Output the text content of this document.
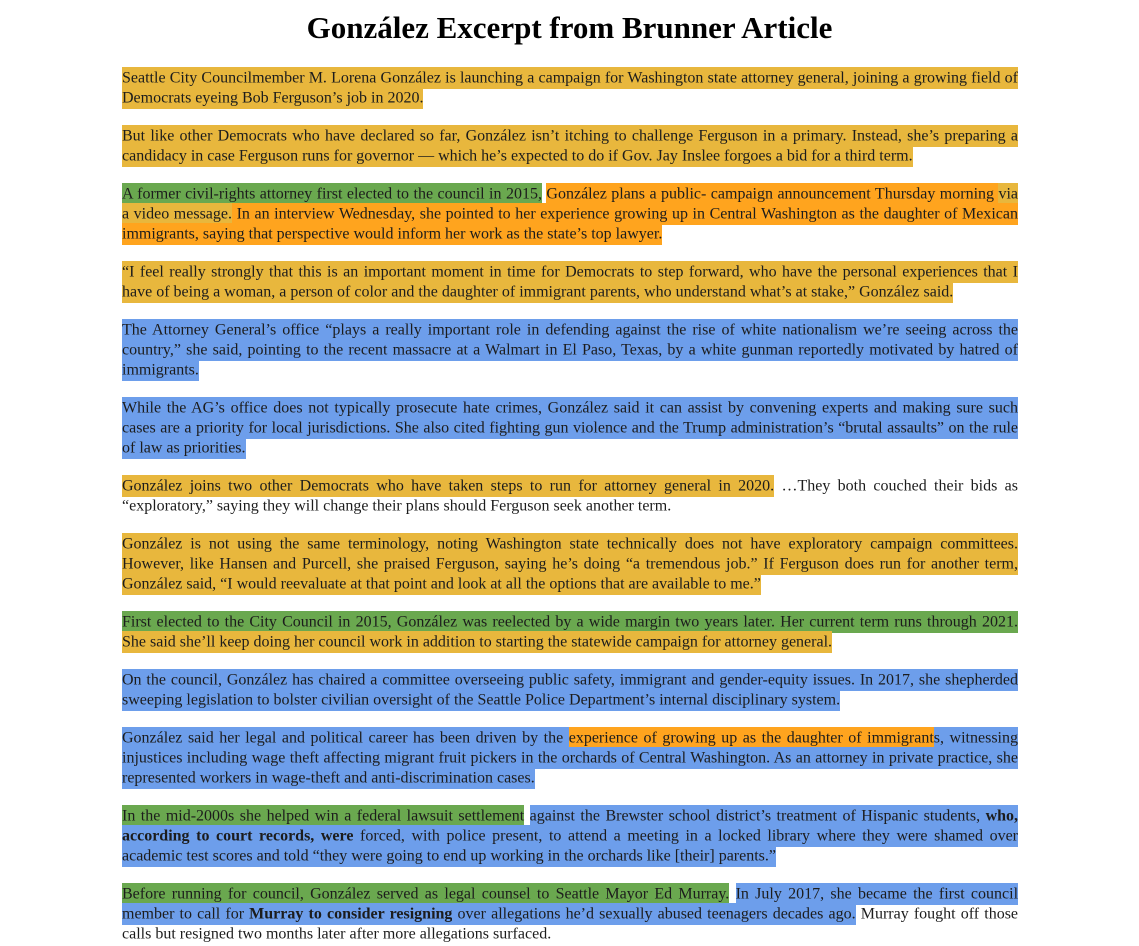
González Excerpt from Brunner Article

Seattle City Councilmember M. Lorena González is launching a campaign for Washington state attorney general, joining a growing field of Democrats eyeing Bob Ferguson’s job in 2020.

But like other Democrats who have declared so far, González isn’t itching to challenge Ferguson in a primary. Instead, she’s preparing a candidacy in case Ferguson runs for governor — which he’s expected to do if Gov. Jay Inslee forgoes a bid for a third term.

A former civil-rights attorney first elected to the council in 2015, González plans a public- campaign announcement Thursday morning via a video message. In an interview Wednesday, she pointed to her experience growing up in Central Washington as the daughter of Mexican immigrants, saying that perspective would inform her work as the state’s top lawyer.

“I feel really strongly that this is an important moment in time for Democrats to step forward, who have the personal experiences that I have of being a woman, a person of color and the daughter of immigrant parents, who understand what’s at stake,” González said.

The Attorney General’s office “plays a really important role in defending against the rise of white nationalism we’re seeing across the country,” she said, pointing to the recent massacre at a Walmart in El Paso, Texas, by a white gunman reportedly motivated by hatred of immigrants.

While the AG’s office does not typically prosecute hate crimes, González said it can assist by convening experts and making sure such cases are a priority for local jurisdictions. She also cited fighting gun violence and the Trump administration’s “brutal assaults” on the rule of law as priorities.

González joins two other Democrats who have taken steps to run for attorney general in 2020. …They both couched their bids as “exploratory,” saying they will change their plans should Ferguson seek another term.

González is not using the same terminology, noting Washington state technically does not have exploratory campaign committees. However, like Hansen and Purcell, she praised Ferguson, saying he’s doing “a tremendous job.” If Ferguson does run for another term, González said, “I would reevaluate at that point and look at all the options that are available to me.”

First elected to the City Council in 2015, González was reelected by a wide margin two years later. Her current term runs through 2021. She said she’ll keep doing her council work in addition to starting the statewide campaign for attorney general.

On the council, González has chaired a committee overseeing public safety, immigrant and gender-equity issues. In 2017, she shepherded sweeping legislation to bolster civilian oversight of the Seattle Police Department’s internal disciplinary system.

González said her legal and political career has been driven by the experience of growing up as the daughter of immigrants, witnessing injustices including wage theft affecting migrant fruit pickers in the orchards of Central Washington. As an attorney in private practice, she represented workers in wage-theft and anti-discrimination cases.

In the mid-2000s she helped win a federal lawsuit settlement against the Brewster school district’s treatment of Hispanic students, who, according to court records, were forced, with police present, to attend a meeting in a locked library where they were shamed over academic test scores and told “they were going to end up working in the orchards like [their] parents.”

Before running for council, González served as legal counsel to Seattle Mayor Ed Murray. In July 2017, she became the first council member to call for Murray to consider resigning over allegations he’d sexually abused teenagers decades ago. Murray fought off those calls but resigned two months later after more allegations surfaced.
